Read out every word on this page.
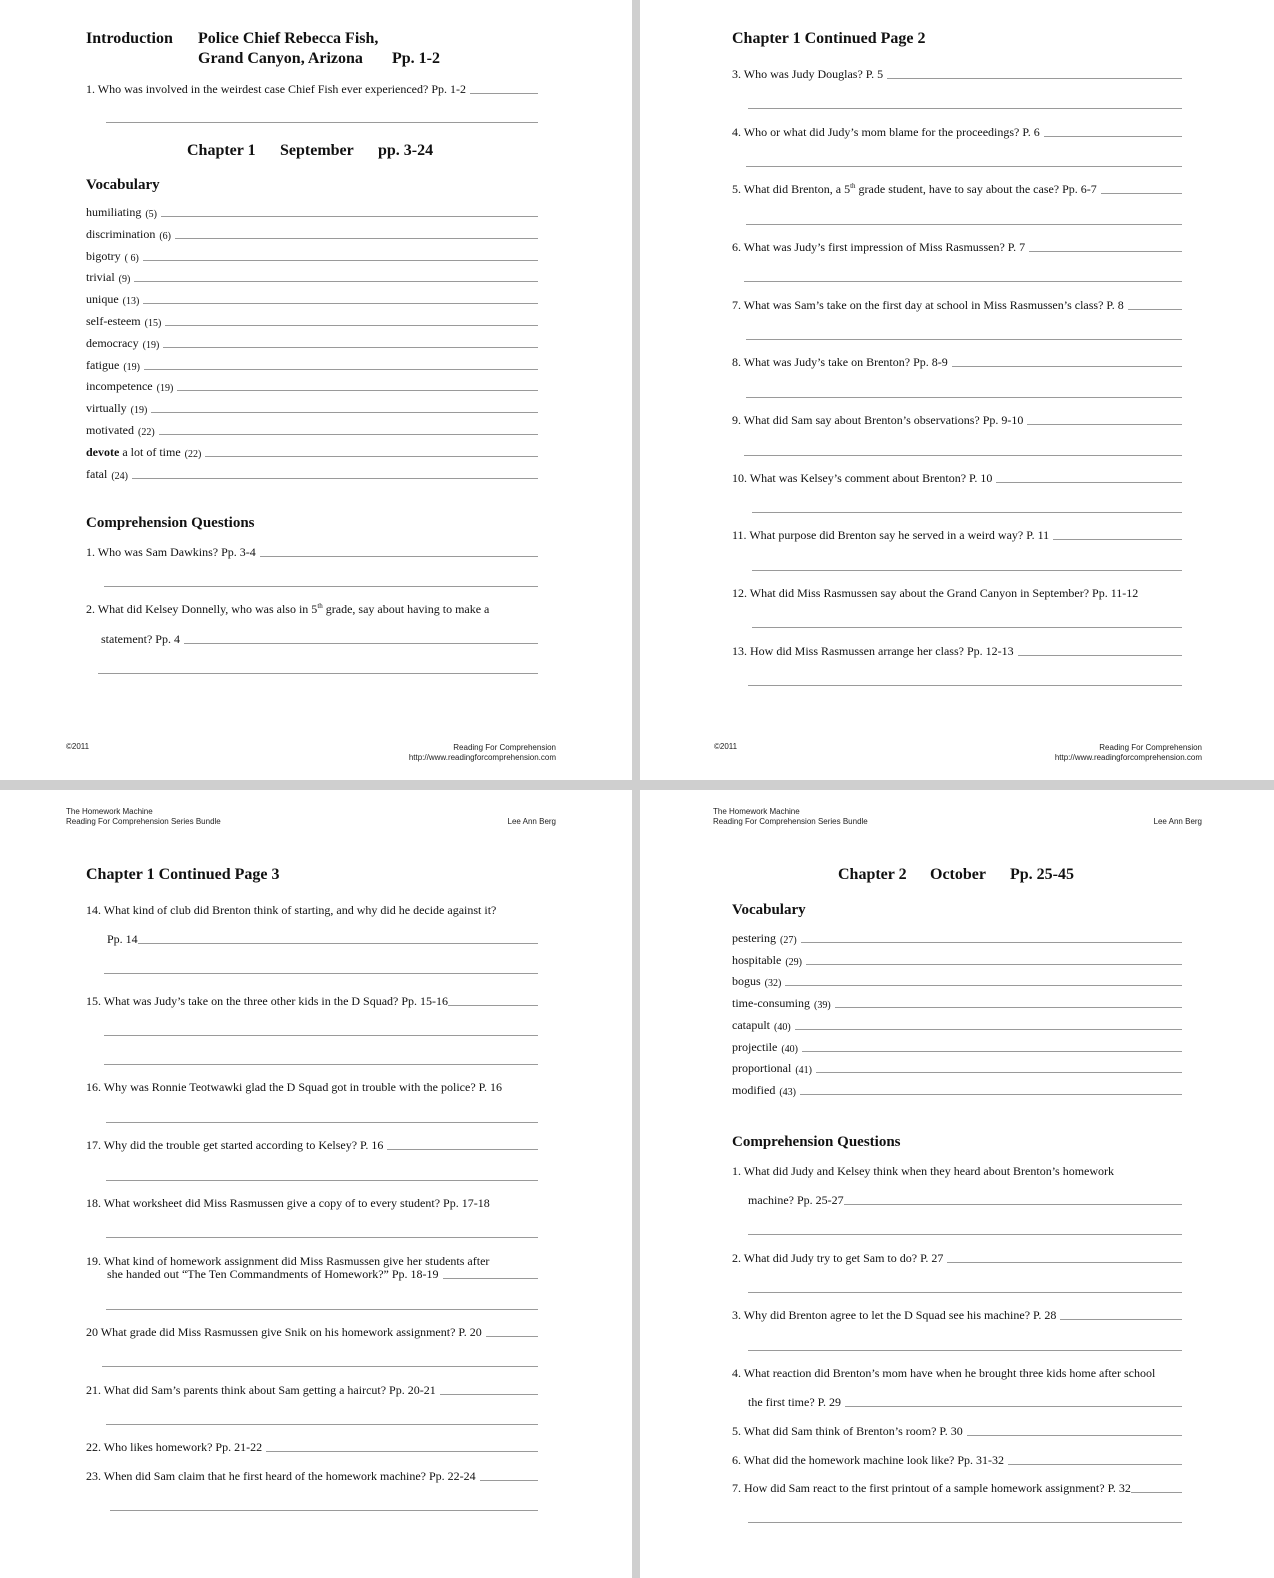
Introduction Police Chief Rebecca Fish,
Grand Canyon, Arizona Pp. 1-2
1. Who was involved in the weirdest case Chief Fish ever experienced? Pp. 1-2
Chapter 1 September pp. 3-24
Vocabulary
humiliating (5)
discrimination (6)
bigotry ( 6)
trivial (9)
unique (13)
self-esteem (15)
democracy (19)
fatigue (19)
incompetence (19)
virtually (19)
motivated (22)
devote
a lot of time (22)
fatal (24)
Comprehension Questions
1. Who was Sam Dawkins? Pp. 3-4
2. What did Kelsey Donnelly, who was also in 5th grade, say about having to make a
statement? Pp. 4
©2011	Reading For Comprehension
http://www.readingforcomprehension.com
Chapter 1 Continued Page 2
3. Who was Judy Douglas? P. 5
4. Who or what did Judy’s mom blame for the proceedings? P. 6
5. What did Brenton, a 5th grade student, have to say about the case? Pp. 6-7
6. What was Judy’s first impression of Miss Rasmussen? P. 7
7. What was Sam’s take on the first day at school in Miss Rasmussen’s class? P. 8
8. What was Judy’s take on Brenton? Pp. 8-9
9. What did Sam say about Brenton’s observations? Pp. 9-10
10. What was Kelsey’s comment about Brenton? P. 10
11. What purpose did Brenton say he served in a weird way? P. 11
12. What did Miss Rasmussen say about the Grand Canyon in September? Pp. 11-12
13. How did Miss Rasmussen arrange her class? Pp. 12-13
©2011	Reading For Comprehension
http://www.readingforcomprehension.com
The Homework Machine
Reading For Comprehension Series Bundle	Lee Ann Berg
Chapter 1 Continued Page 3
14. What kind of club did Brenton think of starting, and why did he decide against it?
Pp. 14
15. What was Judy’s take on the three other kids in the D Squad? Pp. 15-16
16. Why was Ronnie Teotwawki glad the D Squad got in trouble with the police? P. 16
17. Why did the trouble get started according to Kelsey? P. 16
18. What worksheet did Miss Rasmussen give a copy of to every student? Pp. 17-18
19. What kind of homework assignment did Miss Rasmussen give her students after
she handed out “The Ten Commandments of Homework?” Pp. 18-19
20 What grade did Miss Rasmussen give Snik on his homework assignment? P. 20
21. What did Sam’s parents think about Sam getting a haircut? Pp. 20-21
22. Who likes homework? Pp. 21-22
23. When did Sam claim that he first heard of the homework machine? Pp. 22-24
The Homework Machine
Reading For Comprehension Series Bundle	Lee Ann Berg
Chapter 2 October Pp. 25-45
Vocabulary
pestering (27)
hospitable (29)
bogus (32)
time-consuming (39)
catapult (40)
projectile (40)
proportional (41)
modified (43)
Comprehension Questions
1. What did Judy and Kelsey think when they heard about Brenton’s homework
machine? Pp. 25-27
2. What did Judy try to get Sam to do? P. 27
3. Why did Brenton agree to let the D Squad see his machine? P. 28
4. What reaction did Brenton’s mom have when he brought three kids home after school
the first time? P. 29
5. What did Sam think of Brenton’s room? P. 30
6. What did the homework machine look like? Pp. 31-32
7. How did Sam react to the first printout of a sample homework assignment? P. 32
